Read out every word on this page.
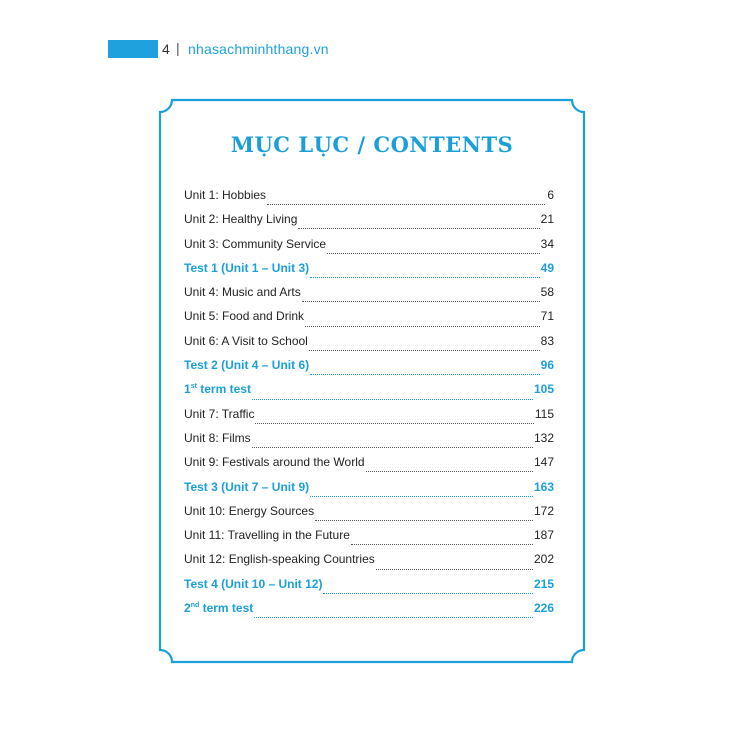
4 | nhasachminhthang.vn
MỤC LỤC / CONTENTS
Unit 1: Hobbies	6
Unit 2: Healthy Living	21
Unit 3: Community Service	34
Test 1 (Unit 1 – Unit 3)	49
Unit 4: Music and Arts	58
Unit 5: Food and Drink	71
Unit 6: A Visit to School	83
Test 2 (Unit 4 – Unit 6)	96
1st term test	105
Unit 7: Traffic	115
Unit 8: Films	132
Unit 9: Festivals around the World	147
Test 3 (Unit 7 – Unit 9)	163
Unit 10: Energy Sources	172
Unit 11: Travelling in the Future	187
Unit 12: English-speaking Countries	202
Test 4 (Unit 10 – Unit 12)	215
2nd term test	226
